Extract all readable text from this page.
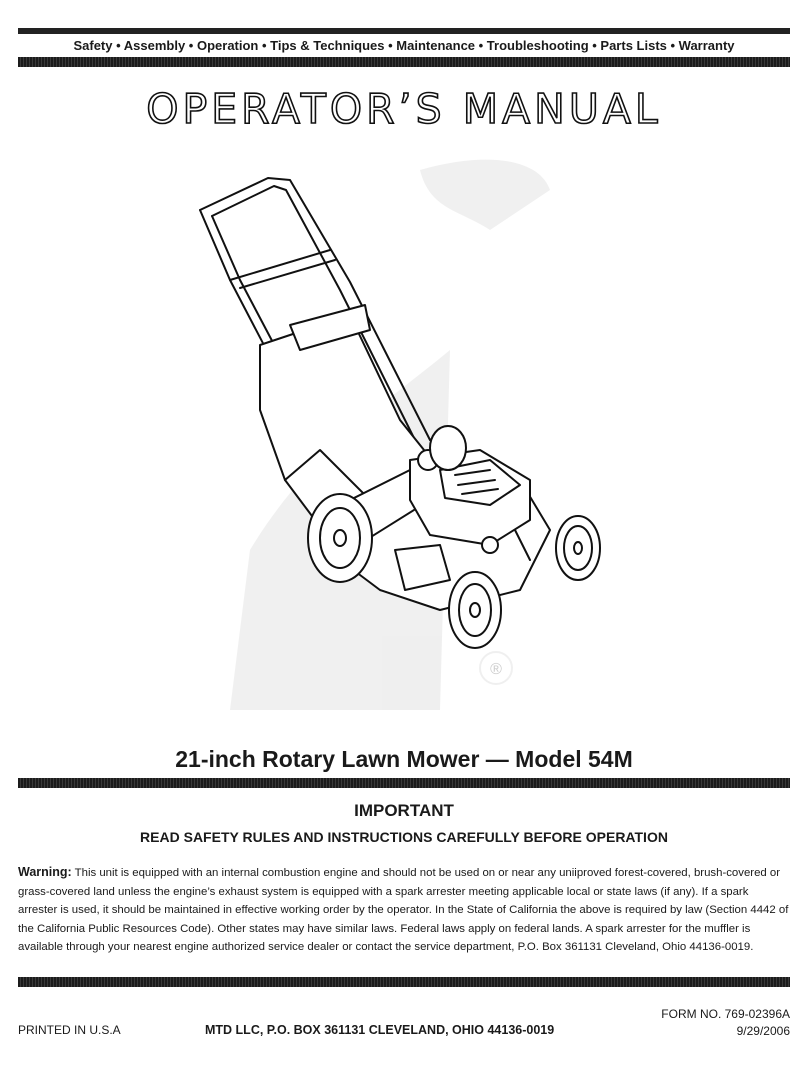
Safety • Assembly • Operation • Tips & Techniques • Maintenance • Troubleshooting • Parts Lists • Warranty
OPERATOR’S MANUAL
®
21-inch Rotary Lawn Mower — Model 54M
IMPORTANT
READ SAFETY RULES AND INSTRUCTIONS CAREFULLY BEFORE OPERATION
Warning: This unit is equipped with an internal combustion engine and should not be used on or near any uniiproved forest-covered, brush-covered or grass-covered land unless the engine’s exhaust system is equipped with a spark arrester meeting applicable local or state laws (if any). If a spark arrester is used, it should be maintained in effective working order by the operator. In the State of California the above is required by law (Section 4442 of the California Public Resources Code). Other states may have similar laws. Federal laws apply on federal lands. A spark arrester for the muffler is available through your nearest engine authorized service dealer or contact the service department, P.O. Box 361131 Cleveland, Ohio 44136-0019.
PRINTED IN U.S.A	MTD LLC, P.O. BOX 361131 CLEVELAND, OHIO 44136-0019
FORM NO. 769-02396A
9/29/2006
